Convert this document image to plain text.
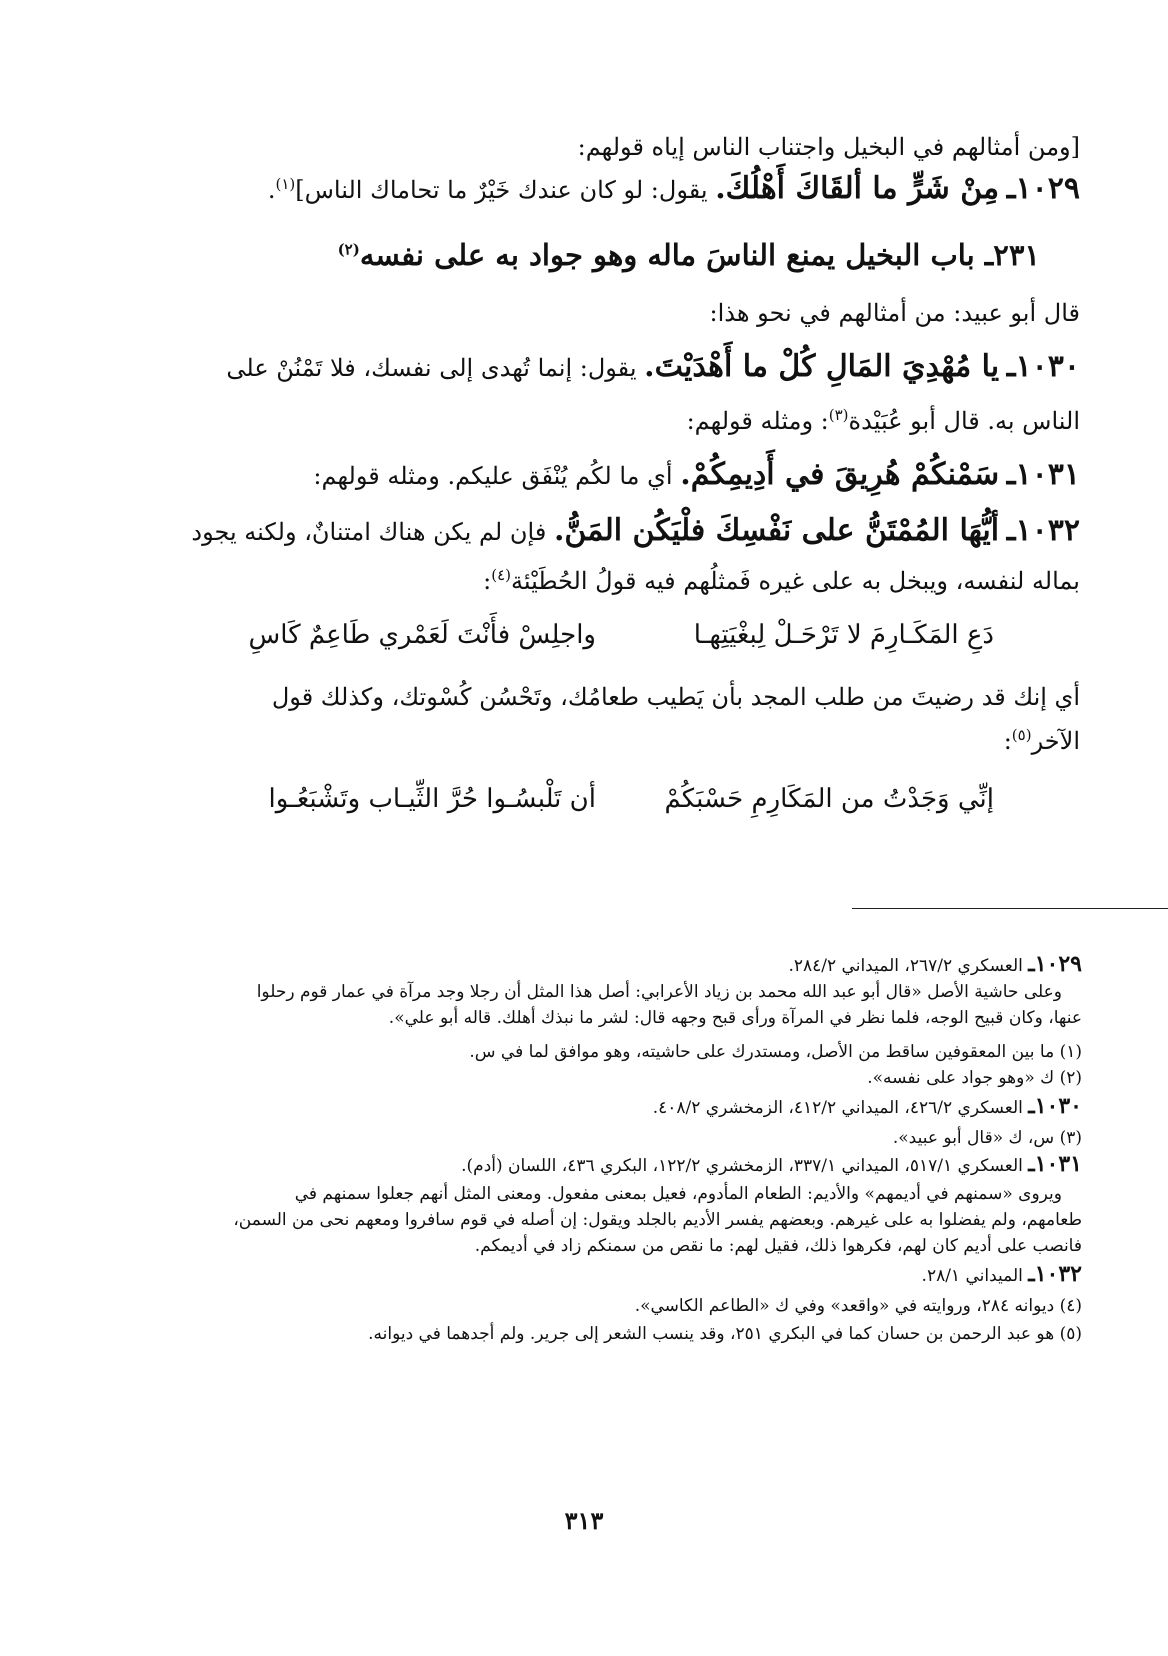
[ومن أمثالهم في البخيل واجتناب الناس إياه قولهم:
١٠٢٩ـ مِنْ شَرٍّ ما ألقَاكَ أَهْلُكَ. يقول: لو كان عندك خَيْرٌ ما تحاماك الناس]$^{(١)}$.
٢٣١ـ باب البخيل يمنع الناسَ ماله وهو جواد به على نفسه$^{(٢)}$
قال أبو عبيد: من أمثالهم في نحو هذا:
١٠٣٠ـ يا مُهْدِيَ المَالِ كُلْ ما أَهْدَيْتَ. يقول: إنما تُهدى إلى نفسك، فلا تَمْنُنْ على
الناس به. قال أبو عُبَيْدة$^{(٣)}$: ومثله قولهم:
١٠٣١ـ سَمْنكُمْ هُرِيقَ في أَدِيمِكُمْ. أي ما لكُم يُنْفَق عليكم. ومثله قولهم:
١٠٣٢ـ أيُّهَا المُمْتَنُّ على نَفْسِكَ فلْيَكُن المَنُّ. فإن لم يكن هناك امتنانٌ، ولكنه يجود
بماله لنفسه، ويبخل به على غيره فَمثلُهم فيه قولُ الحُطَيْئة$^{(٤)}$:
دَعِ المَكَـارِمَ لا تَرْحَـلْ لِبغْيَتِهـا
واجلِسْ فأَنْتَ لَعَمْري طَاعِمٌ كَاسِ
أي إنك قد رضيتَ من طلب المجد بأن يَطيب طعامُك، وتَحْسُن كُسْوتك، وكذلك قول
الآخر$^{(٥)}$:
إنِّي وَجَدْتُ من المَكَارِمِ حَسْبَكُمْ
أن تَلْبسُـوا حُرَّ الثِّيـاب وتَشْبَعُـوا
١٠٢٩ـ العسكري ٢٦٧/٢، الميداني ٢٨٤/٢.
وعلى حاشية الأصل «قال أبو عبد الله محمد بن زياد الأعرابي: أصل هذا المثل أن رجلا وجد مرآة في عمار قوم رحلوا
عنها، وكان قبيح الوجه، فلما نظر في المرآة ورأى قبح وجهه قال: لشر ما نبذك أهلك. قاله أبو علي».
(١) ما بين المعقوفين ساقط من الأصل، ومستدرك على حاشيته، وهو موافق لما في س.
(٢) ك «وهو جواد على نفسه».
١٠٣٠ـ العسكري ٤٢٦/٢، الميداني ٤١٢/٢، الزمخشري ٤٠٨/٢.
(٣) س، ك «قال أبو عبيد».
١٠٣١ـ العسكري ٥١٧/١، الميداني ٣٣٧/١، الزمخشري ١٢٢/٢، البكري ٤٣٦، اللسان (أدم).
ويروى «سمنهم في أديمهم» والأديم: الطعام المأدوم، فعيل بمعنى مفعول. ومعنى المثل أنهم جعلوا سمنهم في
طعامهم، ولم يفضلوا به على غيرهم. وبعضهم يفسر الأديم بالجلد ويقول: إن أصله في قوم سافروا ومعهم نحى من السمن،
فانصب على أديم كان لهم، فكرهوا ذلك، فقيل لهم: ما نقص من سمنكم زاد في أديمكم.
١٠٣٢ـ الميداني ٢٨/١.
(٤) ديوانه ٢٨٤، وروايته في «واقعد» وفي ك «الطاعم الكاسي».
(٥) هو عبد الرحمن بن حسان كما في البكري ٢٥١، وقد ينسب الشعر إلى جرير. ولم أجدهما في ديوانه.
٣١٣
